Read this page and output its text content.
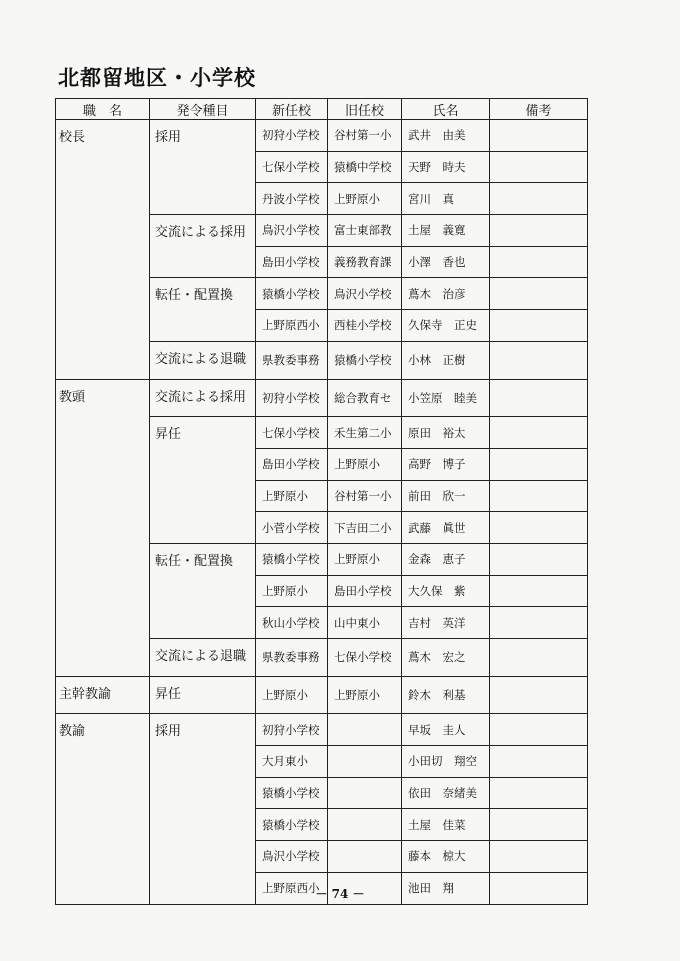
北都留地区・小学校
職　名	発令種目	新任校	旧任校	氏名	備考
校長	採用	初狩小学校	谷村第一小	武井　由美	
		七保小学校	猿橋中学校	天野　時夫	
		丹波小学校	上野原小	宮川　真	
	交流による採用	鳥沢小学校	富士東部教	土屋　義寛	
		島田小学校	義務教育課	小澤　香也	
	転任・配置換	猿橋小学校	鳥沢小学校	蔦木　治彦	
		上野原西小	西桂小学校	久保寺　正史	
	交流による退職	県教委事務	猿橋小学校	小林　正樹	
教頭	交流による採用	初狩小学校	総合教育セ	小笠原　睦美	
	昇任	七保小学校	禾生第二小	原田　裕太	
		島田小学校	上野原小	高野　博子	
		上野原小	谷村第一小	前田　欣一	
		小菅小学校	下吉田二小	武藤　眞世	
	転任・配置換	猿橋小学校	上野原小	金森　恵子	
		上野原小	島田小学校	大久保　紫	
		秋山小学校	山中東小	吉村　英洋	
	交流による退職	県教委事務	七保小学校	蔦木　宏之	
主幹教諭	昇任	上野原小	上野原小	鈴木　利基	
教諭	採用	初狩小学校		早坂　圭人	
		大月東小		小田切　翔空	
		猿橋小学校		依田　奈緒美	
		猿橋小学校		土屋　佳菜	
		鳥沢小学校		藤本　椋大	
		上野原西小		池田　翔	
－ 74 －
